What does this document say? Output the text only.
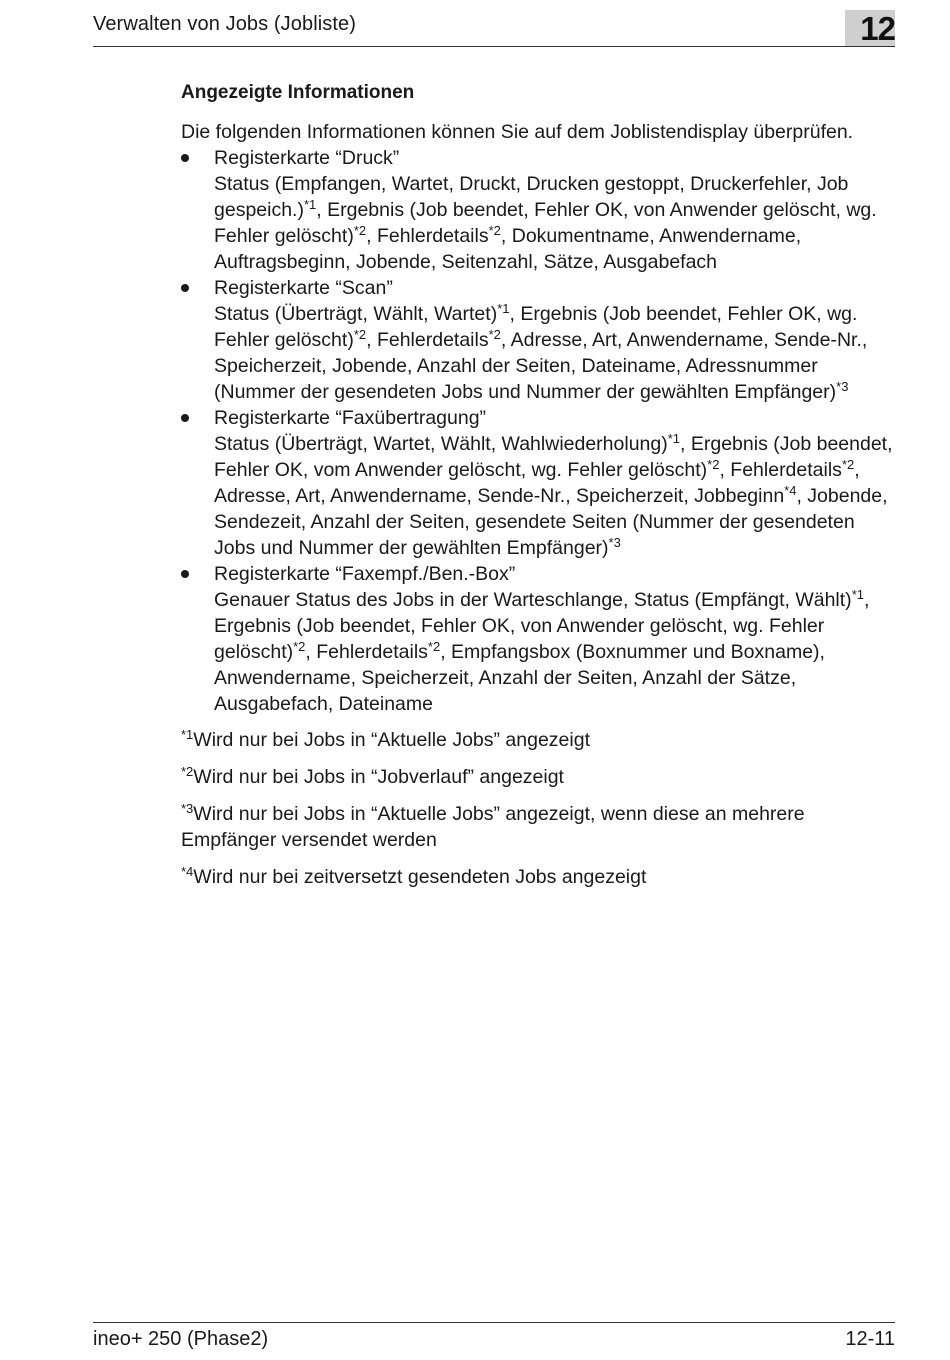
Verwalten von Jobs (Jobliste)	12
Angezeigte Informationen

Die folgenden Informationen können Sie auf dem Joblistendisplay überprüfen.

Registerkarte “Druck”
Status (Empfangen, Wartet, Druckt, Drucken gestoppt, Druckerfehler, Job gespeich.)$^{*1}$, Ergebnis (Job beendet, Fehler OK, von Anwender gelöscht, wg. Fehler gelöscht)$^{*2}$, Fehlerdetails$^{*2}$, Dokumentname, Anwendername, Auftragsbeginn, Jobende, Seitenzahl, Sätze, Ausgabefach
Registerkarte “Scan”
Status (Überträgt, Wählt, Wartet)$^{*1}$, Ergebnis (Job beendet, Fehler OK, wg. Fehler gelöscht)$^{*2}$, Fehlerdetails$^{*2}$, Adresse, Art, Anwendername, Sende-Nr., Speicherzeit, Jobende, Anzahl der Seiten, Dateiname, Adressnummer (Nummer der gesendeten Jobs und Nummer der gewählten Empfänger)$^{*3}$
Registerkarte “Faxübertragung”
Status (Überträgt, Wartet, Wählt, Wahlwiederholung)$^{*1}$, Ergebnis (Job beendet, Fehler OK, vom Anwender gelöscht, wg. Fehler gelöscht)$^{*2}$, Fehlerdetails$^{*2}$, Adresse, Art, Anwendername, Sende-Nr., Speicherzeit, Jobbeginn$^{*4}$, Jobende, Sendezeit, Anzahl der Seiten, gesendete Seiten (Nummer der gesendeten Jobs und Nummer der gewählten Empfänger)$^{*3}$
Registerkarte “Faxempf./Ben.-Box”
Genauer Status des Jobs in der Warteschlange, Status (Empfängt, Wählt)$^{*1}$, Ergebnis (Job beendet, Fehler OK, von Anwender gelöscht, wg. Fehler gelöscht)$^{*2}$, Fehlerdetails$^{*2}$, Empfangsbox (Boxnummer und Boxname), Anwendername, Speicherzeit, Anzahl der Seiten, Anzahl der Sätze, Ausgabefach, Dateiname
$^{*1}$Wird nur bei Jobs in “Aktuelle Jobs” angezeigt
$^{*2}$Wird nur bei Jobs in “Jobverlauf” angezeigt
$^{*3}$Wird nur bei Jobs in “Aktuelle Jobs” angezeigt, wenn diese an mehrere Empfänger versendet werden
$^{*4}$Wird nur bei zeitversetzt gesendeten Jobs angezeigt
ineo+ 250 (Phase2)	12-11
